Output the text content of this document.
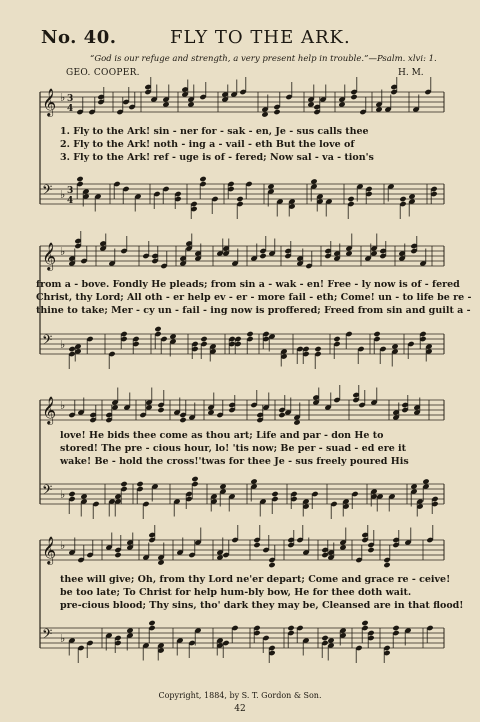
No. 40.	FLY TO THE ARK.
“God is our refuge and strength, a very present help in trouble.”—Psalm. xlvi: 1.
GEO. COOPER.	H. M.
𝄞 ♭ 3
4
𝄢 ♭ 3
4
1. Fly to the Ark! sin - ner for - sak - en, Je - sus calls thee
2. Fly to the Ark! noth - ing a - vail - eth But the love of
3. Fly to the Ark! ref - uge is of - fered; Now sal - va - tion's
𝄞 ♭
𝄢 ♭
from a - bove. Fondly He pleads; from sin a - wak - en! Free - ly now is of - fered
Christ, thy Lord; All oth - er help ev - er - more fail - eth; Come! un - to life be re -
thine to take; Mer - cy un - fail - ing now is proffered; Freed from sin and guilt a -
𝄞 ♭
𝄢 ♭
love! He bids thee come as thou art; Life and par - don He to
stored! The pre - cious hour, lo! 'tis now; Be per - suad - ed ere it
wake! Be - hold the cross!'twas for thee Je - sus freely poured His
𝄞 ♭
𝄢 ♭
thee will give; Oh, from thy Lord ne'er depart; Come and grace re - ceive!
be too late; To Christ for help hum-bly bow, He for thee doth wait.
pre-cious blood; Thy sins, tho' dark they may be, Cleansed are in that flood!
Copyright, 1884, by S. T. Gordon & Son.
42
